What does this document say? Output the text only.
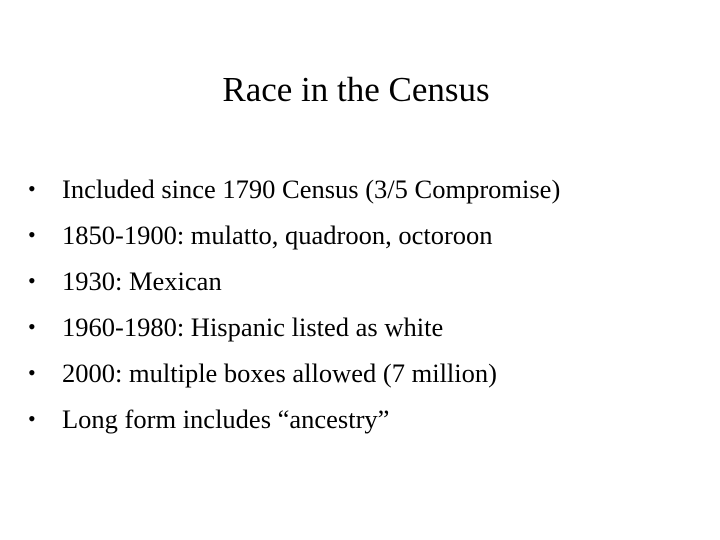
Race in the Census
• Included since 1790 Census (3/5 Compromise)
• 1850-1900: mulatto, quadroon, octoroon
• 1930: Mexican
• 1960-1980: Hispanic listed as white
• 2000: multiple boxes allowed (7 million)
• Long form includes “ancestry”
